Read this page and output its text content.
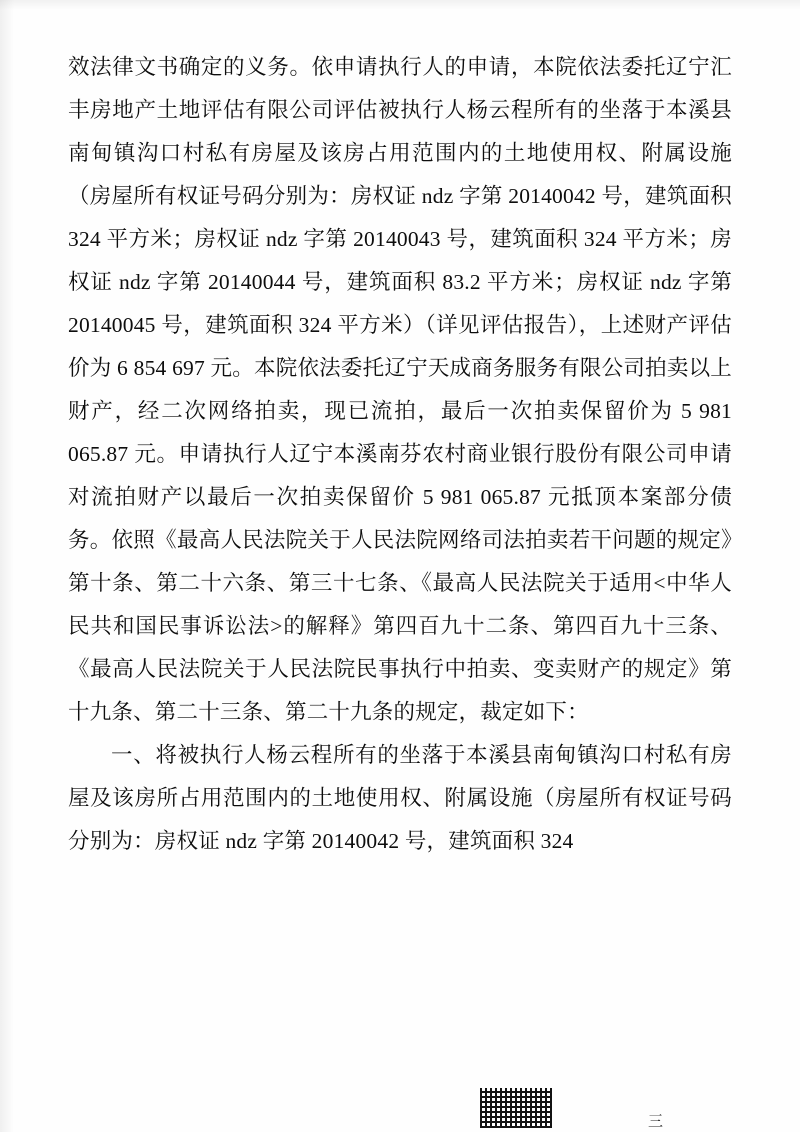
效法律文书确定的义务。依申请执行人的申请，本院依法委托辽宁汇丰房地产土地评估有限公司评估被执行人杨云程所有的坐落于本溪县南甸镇沟口村私有房屋及该房占用范围内的土地使用权、附属设施（房屋所有权证号码分别为：房权证 ndz 字第 20140042 号，建筑面积 324 平方米；房权证 ndz 字第 20140043 号，建筑面积 324 平方米；房权证 ndz 字第 20140044 号，建筑面积 83.2 平方米；房权证 ndz 字第 20140045 号，建筑面积 324 平方米）（详见评估报告），上述财产评估价为 6 854 697 元。本院依法委托辽宁天成商务服务有限公司拍卖以上财产，经二次网络拍卖，现已流拍，最后一次拍卖保留价为 5 981 065.87 元。申请执行人辽宁本溪南芬农村商业银行股份有限公司申请对流拍财产以最后一次拍卖保留价 5 981 065.87 元抵顶本案部分债务。依照《最高人民法院关于人民法院网络司法拍卖若干问题的规定》第十条、第二十六条、第三十七条、《最高人民法院关于适用<中华人民共和国民事诉讼法>的解释》第四百九十二条、第四百九十三条、《最高人民法院关于人民法院民事执行中拍卖、变卖财产的规定》第十九条、第二十三条、第二十九条的规定，裁定如下：

一、将被执行人杨云程所有的坐落于本溪县南甸镇沟口村私有房屋及该房所占用范围内的土地使用权、附属设施（房屋所有权证号码分别为：房权证 ndz 字第 20140042 号，建筑面积 324

三
